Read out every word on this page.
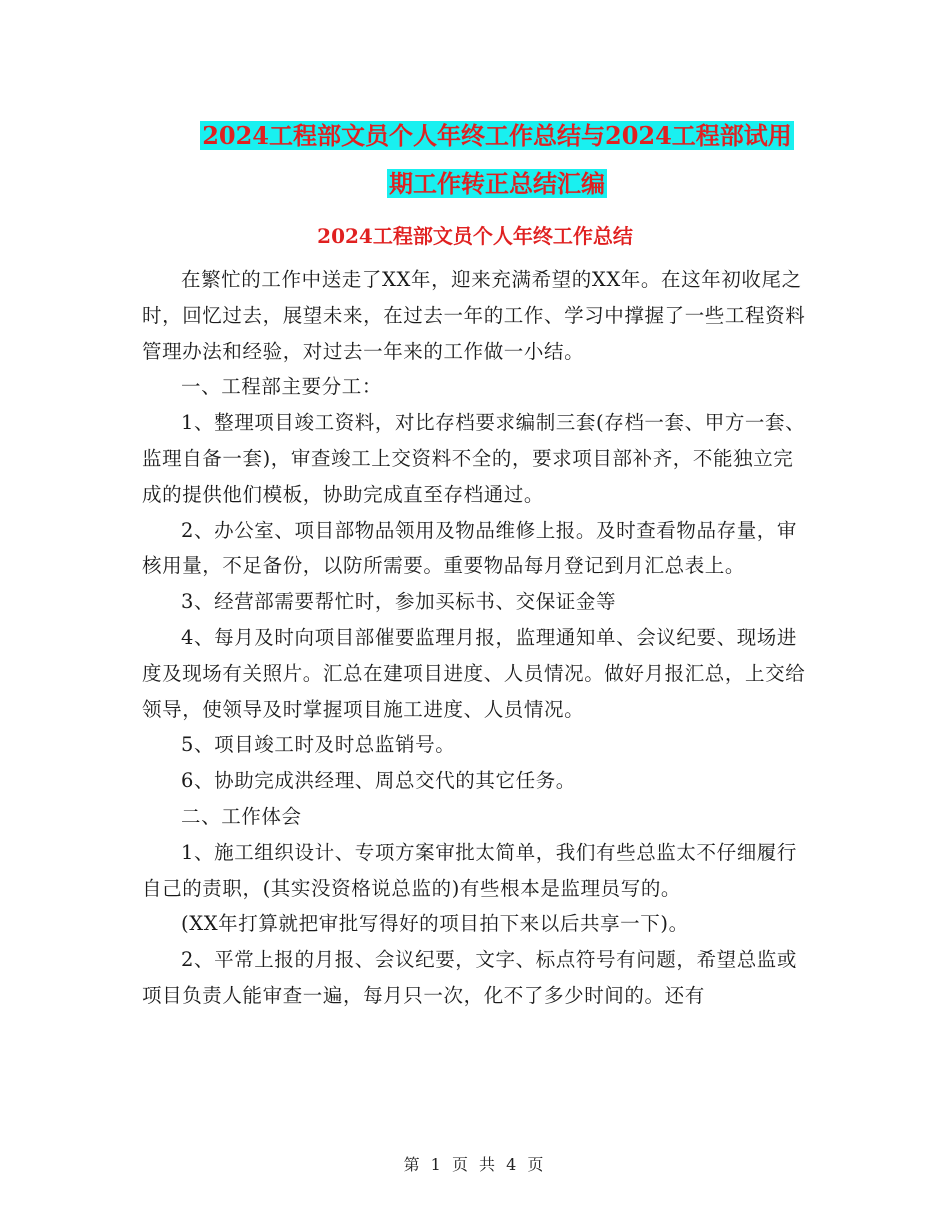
2024工程部文员个人年终工作总结与2024工程部试用
期工作转正总结汇编
2024工程部文员个人年终工作总结

在繁忙的工作中送走了XX年，迎来充满希望的XX年。在这年初收尾之时，回忆过去，展望未来，在过去一年的工作、学习中撑握了一些工程资料管理办法和经验，对过去一年来的工作做一小结。

一、工程部主要分工：

1、整理项目竣工资料，对比存档要求编制三套(存档一套、甲方一套、监理自备一套)，审查竣工上交资料不全的，要求项目部补齐，不能独立完成的提供他们模板，协助完成直至存档通过。

2、办公室、项目部物品领用及物品维修上报。及时查看物品存量，审核用量，不足备份，以防所需要。重要物品每月登记到月汇总表上。

3、经营部需要帮忙时，参加买标书、交保证金等

4、每月及时向项目部催要监理月报，监理通知单、会议纪要、现场进度及现场有关照片。汇总在建项目进度、人员情况。做好月报汇总，上交给领导，使领导及时掌握项目施工进度、人员情况。

5、项目竣工时及时总监销号。

6、协助完成洪经理、周总交代的其它任务。

二、工作体会

1、施工组织设计、专项方案审批太简单，我们有些总监太不仔细履行自己的责职，(其实没资格说总监的)有些根本是监理员写的。

(XX年打算就把审批写得好的项目拍下来以后共享一下)。

2、平常上报的月报、会议纪要，文字、标点符号有问题，希望总监或项目负责人能审查一遍，每月只一次，化不了多少时间的。还有

第 1 页 共 4 页
